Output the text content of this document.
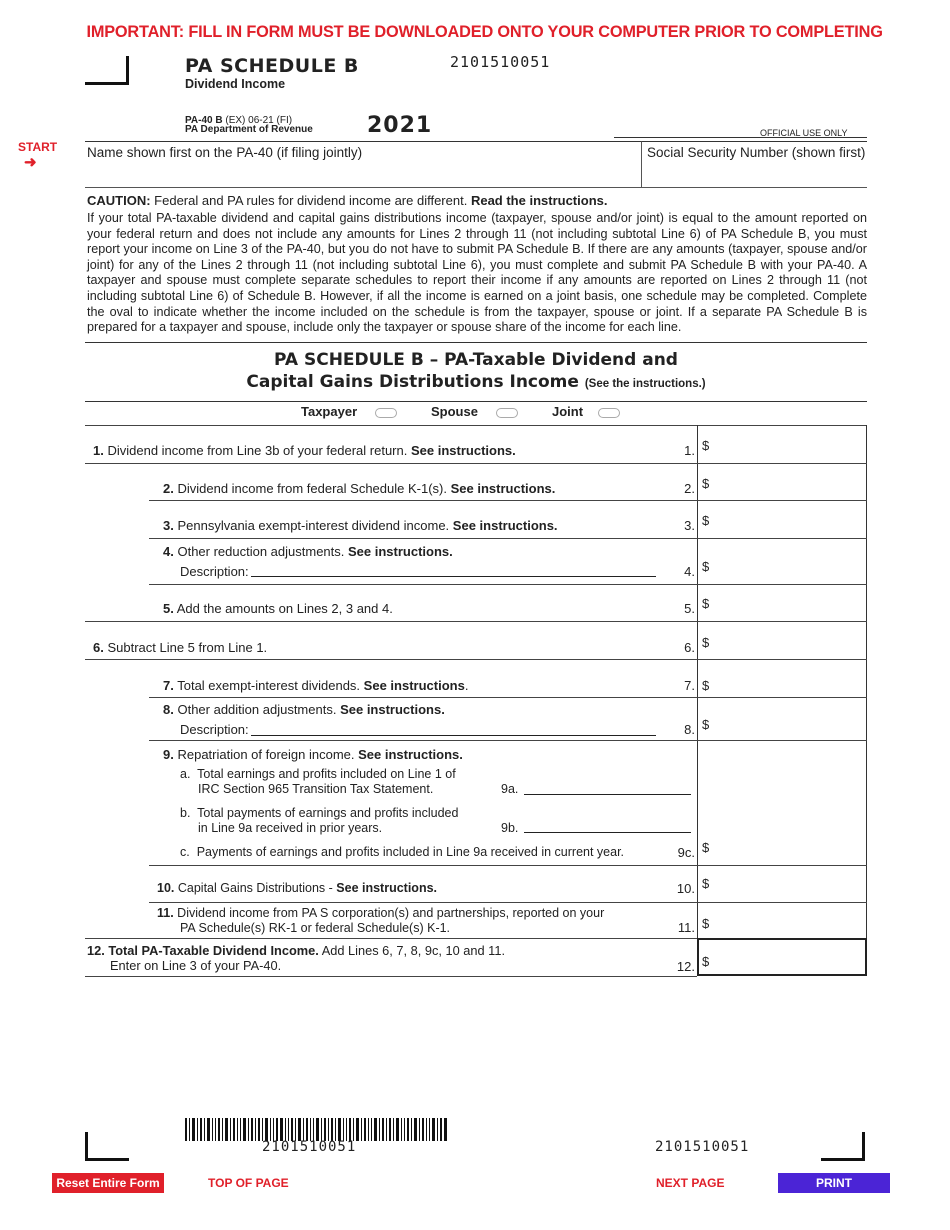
IMPORTANT: FILL IN FORM MUST BE DOWNLOADED ONTO YOUR COMPUTER PRIOR TO COMPLETING
PA SCHEDULE B
Dividend Income
2101510051
PA-40 B (EX) 06-21 (FI)
PA Department of Revenue 2021	OFFICIAL USE ONLY
START
➜
Name shown first on the PA-40 (if filing jointly)	Social Security Number (shown first)
CAUTION: Federal and PA rules for dividend income are different. Read the instructions.
If your total PA-taxable dividend and capital gains distributions income (taxpayer, spouse and/or joint) is equal to the amount reported on your federal return and does not include any amounts for Lines 2 through 11 (not including subtotal Line 6) of PA Schedule B, you must report your income on Line 3 of the PA-40, but you do not have to submit PA Schedule B. If there are any amounts (taxpayer, spouse and/or joint) for any of the Lines 2 through 11 (not including subtotal Line 6), you must complete and submit PA Schedule B with your PA-40. A taxpayer and spouse must complete separate schedules to report their income if any amounts are reported on Lines 2 through 11 (not including subtotal Line 6) of Schedule B. However, if all the income is earned on a joint basis, one schedule may be completed. Complete the oval to indicate whether the income included on the schedule is from the taxpayer, spouse or joint. If a separate PA Schedule B is prepared for a taxpayer and spouse, include only the taxpayer or spouse share of the income for each line.
PA SCHEDULE B – PA-Taxable Dividend and
Capital Gains Distributions Income (See the instructions.)
Taxpayer	Spouse	Joint
1. Dividend income from Line 3b of your federal return. See instructions.	1. $
2. Dividend income from federal Schedule K-1(s). See instructions.	2. $
3. Pennsylvania exempt-interest dividend income. See instructions.	3. $
4. Other reduction adjustments. See instructions.
Description:	4. $
5. Add the amounts on Lines 2, 3 and 4.	5. $
6. Subtract Line 5 from Line 1.	6. $
7. Total exempt-interest dividends. See instructions.	7. $
8. Other addition adjustments. See instructions.
Description:	8. $
9. Repatriation of foreign income. See instructions.
a. Total earnings and profits included on Line 1 of
IRC Section 965 Transition Tax Statement.	9a.
b. Total payments of earnings and profits included
in Line 9a received in prior years.	9b.
c. Payments of earnings and profits included in Line 9a received in current year.	9c. $
10. Capital Gains Distributions - See instructions.	10. $
11. Dividend income from PA S corporation(s) and partnerships, reported on your
PA Schedule(s) RK-1 or federal Schedule(s) K-1.	11. $
12. Total PA-Taxable Dividend Income. Add Lines 6, 7, 8, 9c, 10 and 11.
Enter on Line 3 of your PA-40.	12. $
2101510051	2101510051
Reset Entire Form	TOP OF PAGE	NEXT PAGE	PRINT
